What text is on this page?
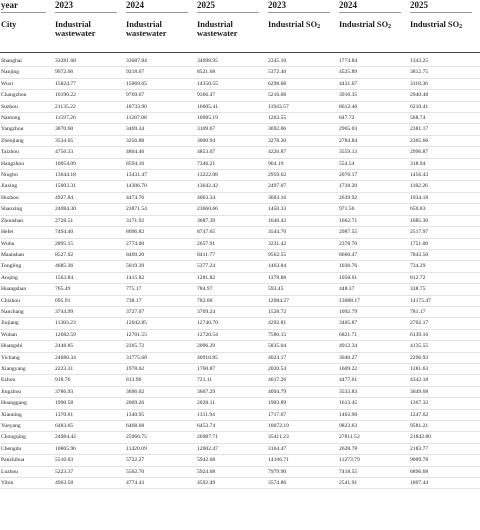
year	2023	2024	2025	2023	2024	2025

City	Industrial wastewater	Industrial wastewater	Industrial wastewater	Industrial $SO_2$	Industrial $SO_2$	Industrial $SO_2$
Shanghai	33281.68	33687.84	34098.95	2345.10	1774.84	1343.25
Nanjing	9972.66	9218.67	8521.68	5372.40	4525.89	3812.75
Wuxi	15824.77	15069.65	14350.55	6298.08	4431.67	3118.36
Changzhou	10190.22	9769.67	9366.47	5216.08	3916.35	2940.48
Suzhou	21135.22	18733.90	16605.41	11943.57	8612.46	6210.41
Nantong	11597.26	11287.08	10985.19	1263.55	847.72	568.74
Yangzhou	3870.60	3469.34	3109.67	3692.06	2965.03	2381.17
Zhenjiang	3534.65	3256.88	3000.94	3278.30	2784.84	2365.66
Taizhou	4756.33	4804.46	4853.07	4226.87	3559.13	2996.87
Hangzhou	10054.09	8594.16	7346.21	964.19	554.54	318.94
Ningbo	13644.18	13431.47	13222.08	2959.62	2076.17	1456.43
Jiaxing	15003.31	14306.70	13642.42	2497.07	1718.20	1182.26
Huzhou	4927.84	4474.76	4063.34	3603.16	2639.92	1934.18
Shaoxing	24084.30	23871.54	23660.66	1450.33	971.56	650.83
Zhoushan	2728.51	3171.92	3687.39	1640.43	1662.71	1685.30
Hefei	7494.40	8096.82	8747.65	3544.70	2987.55	2517.97
Wuhu	2895.15	2774.00	2657.91	3231.42	2378.70	1751.00
Maanshan	8527.02	8469.20	8411.77	9562.55	8660.47	7843.50
Tongling	4685.36	5019.39	5377.24	1463.84	1036.76	734.29
Anqing	1563.84	1415.82	1281.82	1378.88	1058.61	812.72
Huangshan	765.49	775.17	784.97	593.45	448.37	338.75
Chizhou	695.91	738.17	783.00	12084.27	13088.17	14175.47
Nanchang	3744.99	3727.07	3709.24	1528.72	1092.79	781.17
Jiujiang	11383.23	12042.85	12740.70	4292.81	3405.87	2702.17
Wuhan	12682.59	12701.55	12720.54	7580.15	6821.71	6139.16
Huangshi	2448.85	2265.72	2096.29	5835.04	4912.34	4135.55
Yichang	24680.34	31775.68	40910.85	4024.17	3040.27	2296.93
Xiangyang	2223.31	1978.62	1760.87	2020.54	1609.22	1281.63
Ezhou	918.76	813.96	721.11	4617.26	4477.61	4342.18
Jingzhou	3786.93	3696.02	3607.29	4094.79	3533.83	3049.68
Huanggang	1990.58	2009.26	2028.11	1903.89	1613.45	1367.32
Xianning	1370.61	1340.95	1311.94	1717.67	1463.90	1247.62
Yueyang	6483.65	6468.68	6453.74	10072.19	9823.63	9581.21
Chongqing	24984.42	25966.75	26987.71	35411.23	27811.52	21842.80
Chengdu	10865.96	11420.09	12002.47	3164.47	2628.78	2183.77
Panzhihua	5510.03	5722.27	5942.68	14106.71	11273.79	9009.78
Luzhou	5223.37	5562.70	5924.08	7979.90	7418.55	6896.68
Yibin	4963.58	4774.43	4592.49	3574.86	2541.91	1807.44
